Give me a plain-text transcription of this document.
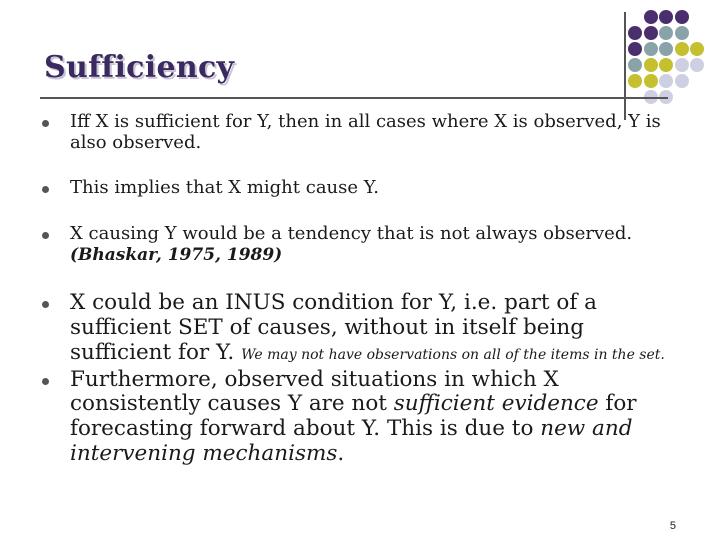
Sufficiency
Iff X is sufficient for Y, then in all cases where X is observed, Y is also observed.
This implies that X might cause Y.
X causing Y would be a tendency that is not always observed. (Bhaskar, 1975, 1989)
X could be an INUS condition for Y, i.e. part of a sufficient SET of causes, without in itself being sufficient for Y. We may not have observations on all of the items in the set.
Furthermore, observed situations in which X consistently causes Y are not sufficient evidence for forecasting forward about Y. This is due to new and intervening mechanisms.
5
